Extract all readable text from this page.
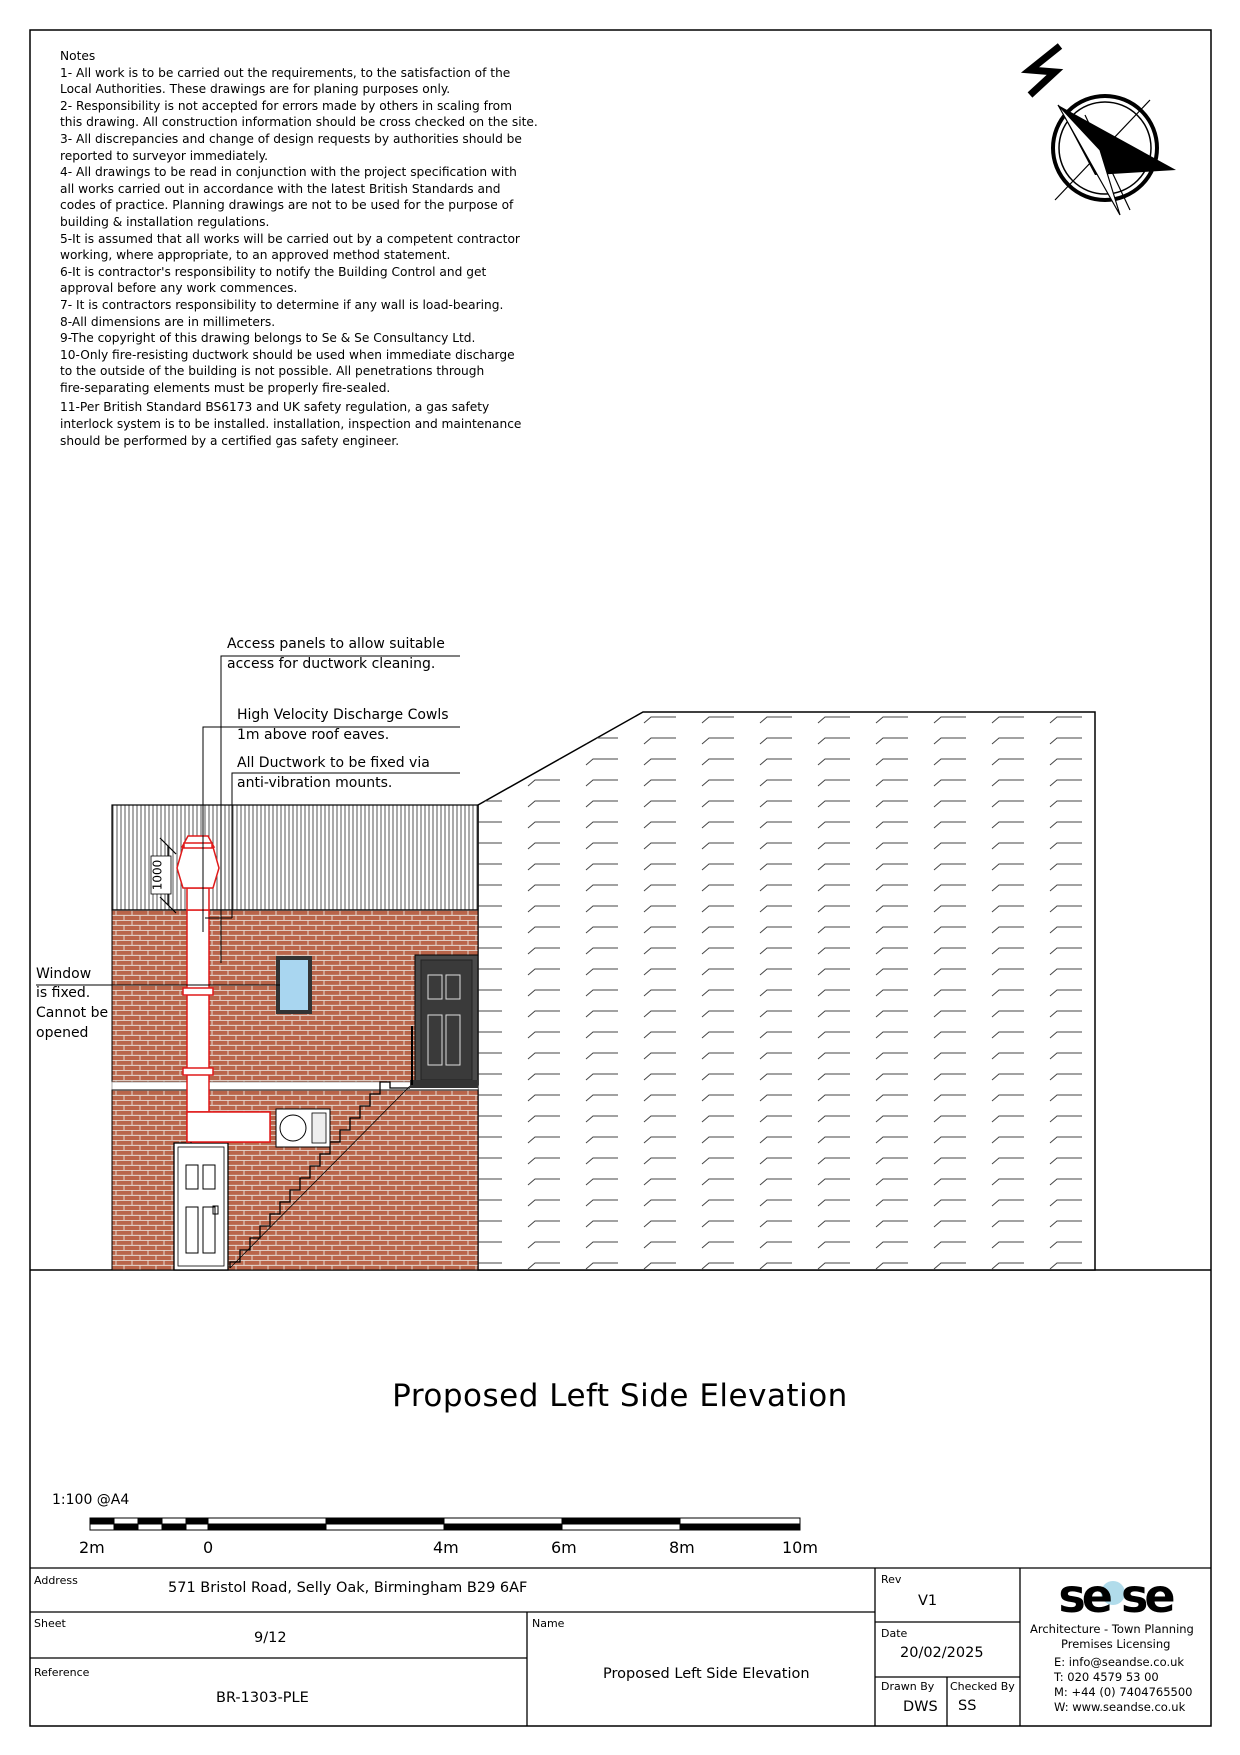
se se
Notes
1- All work is to be carried out the requirements, to the satisfaction of the
Local Authorities. These drawings are for planing purposes only.
2- Responsibility is not accepted for errors made by others in scaling from
this drawing. All construction information should be cross checked on the site.
3- All discrepancies and change of design requests by authorities should be
reported to surveyor immediately.
4- All drawings to be read in conjunction with the project specification with
all works carried out in accordance with the latest British Standards and
codes of practice. Planning drawings are not to be used for the purpose of
building & installation regulations.
5-It is assumed that all works will be carried out by a competent contractor
working, where appropriate, to an approved method statement.
6-It is contractor's responsibility to notify the Building Control and get
approval before any work commences.
7- It is contractors responsibility to determine if any wall is load-bearing.
8-All dimensions are in millimeters.
9-The copyright of this drawing belongs to Se & Se Consultancy Ltd.
10-Only fire-resisting ductwork should be used when immediate discharge
to the outside of the building is not possible. All penetrations through
fire-separating elements must be properly fire-sealed.
11-Per British Standard BS6173 and UK safety regulation, a gas safety
interlock system is to be installed. installation, inspection and maintenance
should be performed by a certified gas safety engineer.
Access panels to allow suitable
access for ductwork cleaning.
High Velocity Discharge Cowls
1m above roof eaves.
All Ductwork to be fixed via
anti-vibration mounts.
Window
is fixed.
Cannot be
opened
1000
Proposed Left Side Elevation
1:100 @A4
2m	0	4m	6m	8m	10m
Address	571 Bristol Road, Selly Oak, Birmingham B29 6AF
Sheet
9/12
Reference
BR-1303-PLE
Name
Proposed Left Side Elevation
Rev
V1
Date
20/02/2025
Drawn By
DWS
Checked By
SS
Architecture - Town Planning
Premises Licensing
E: info@seandse.co.uk
T: 020 4579 53 00
M: +44 (0) 7404765500
W: www.seandse.co.uk
